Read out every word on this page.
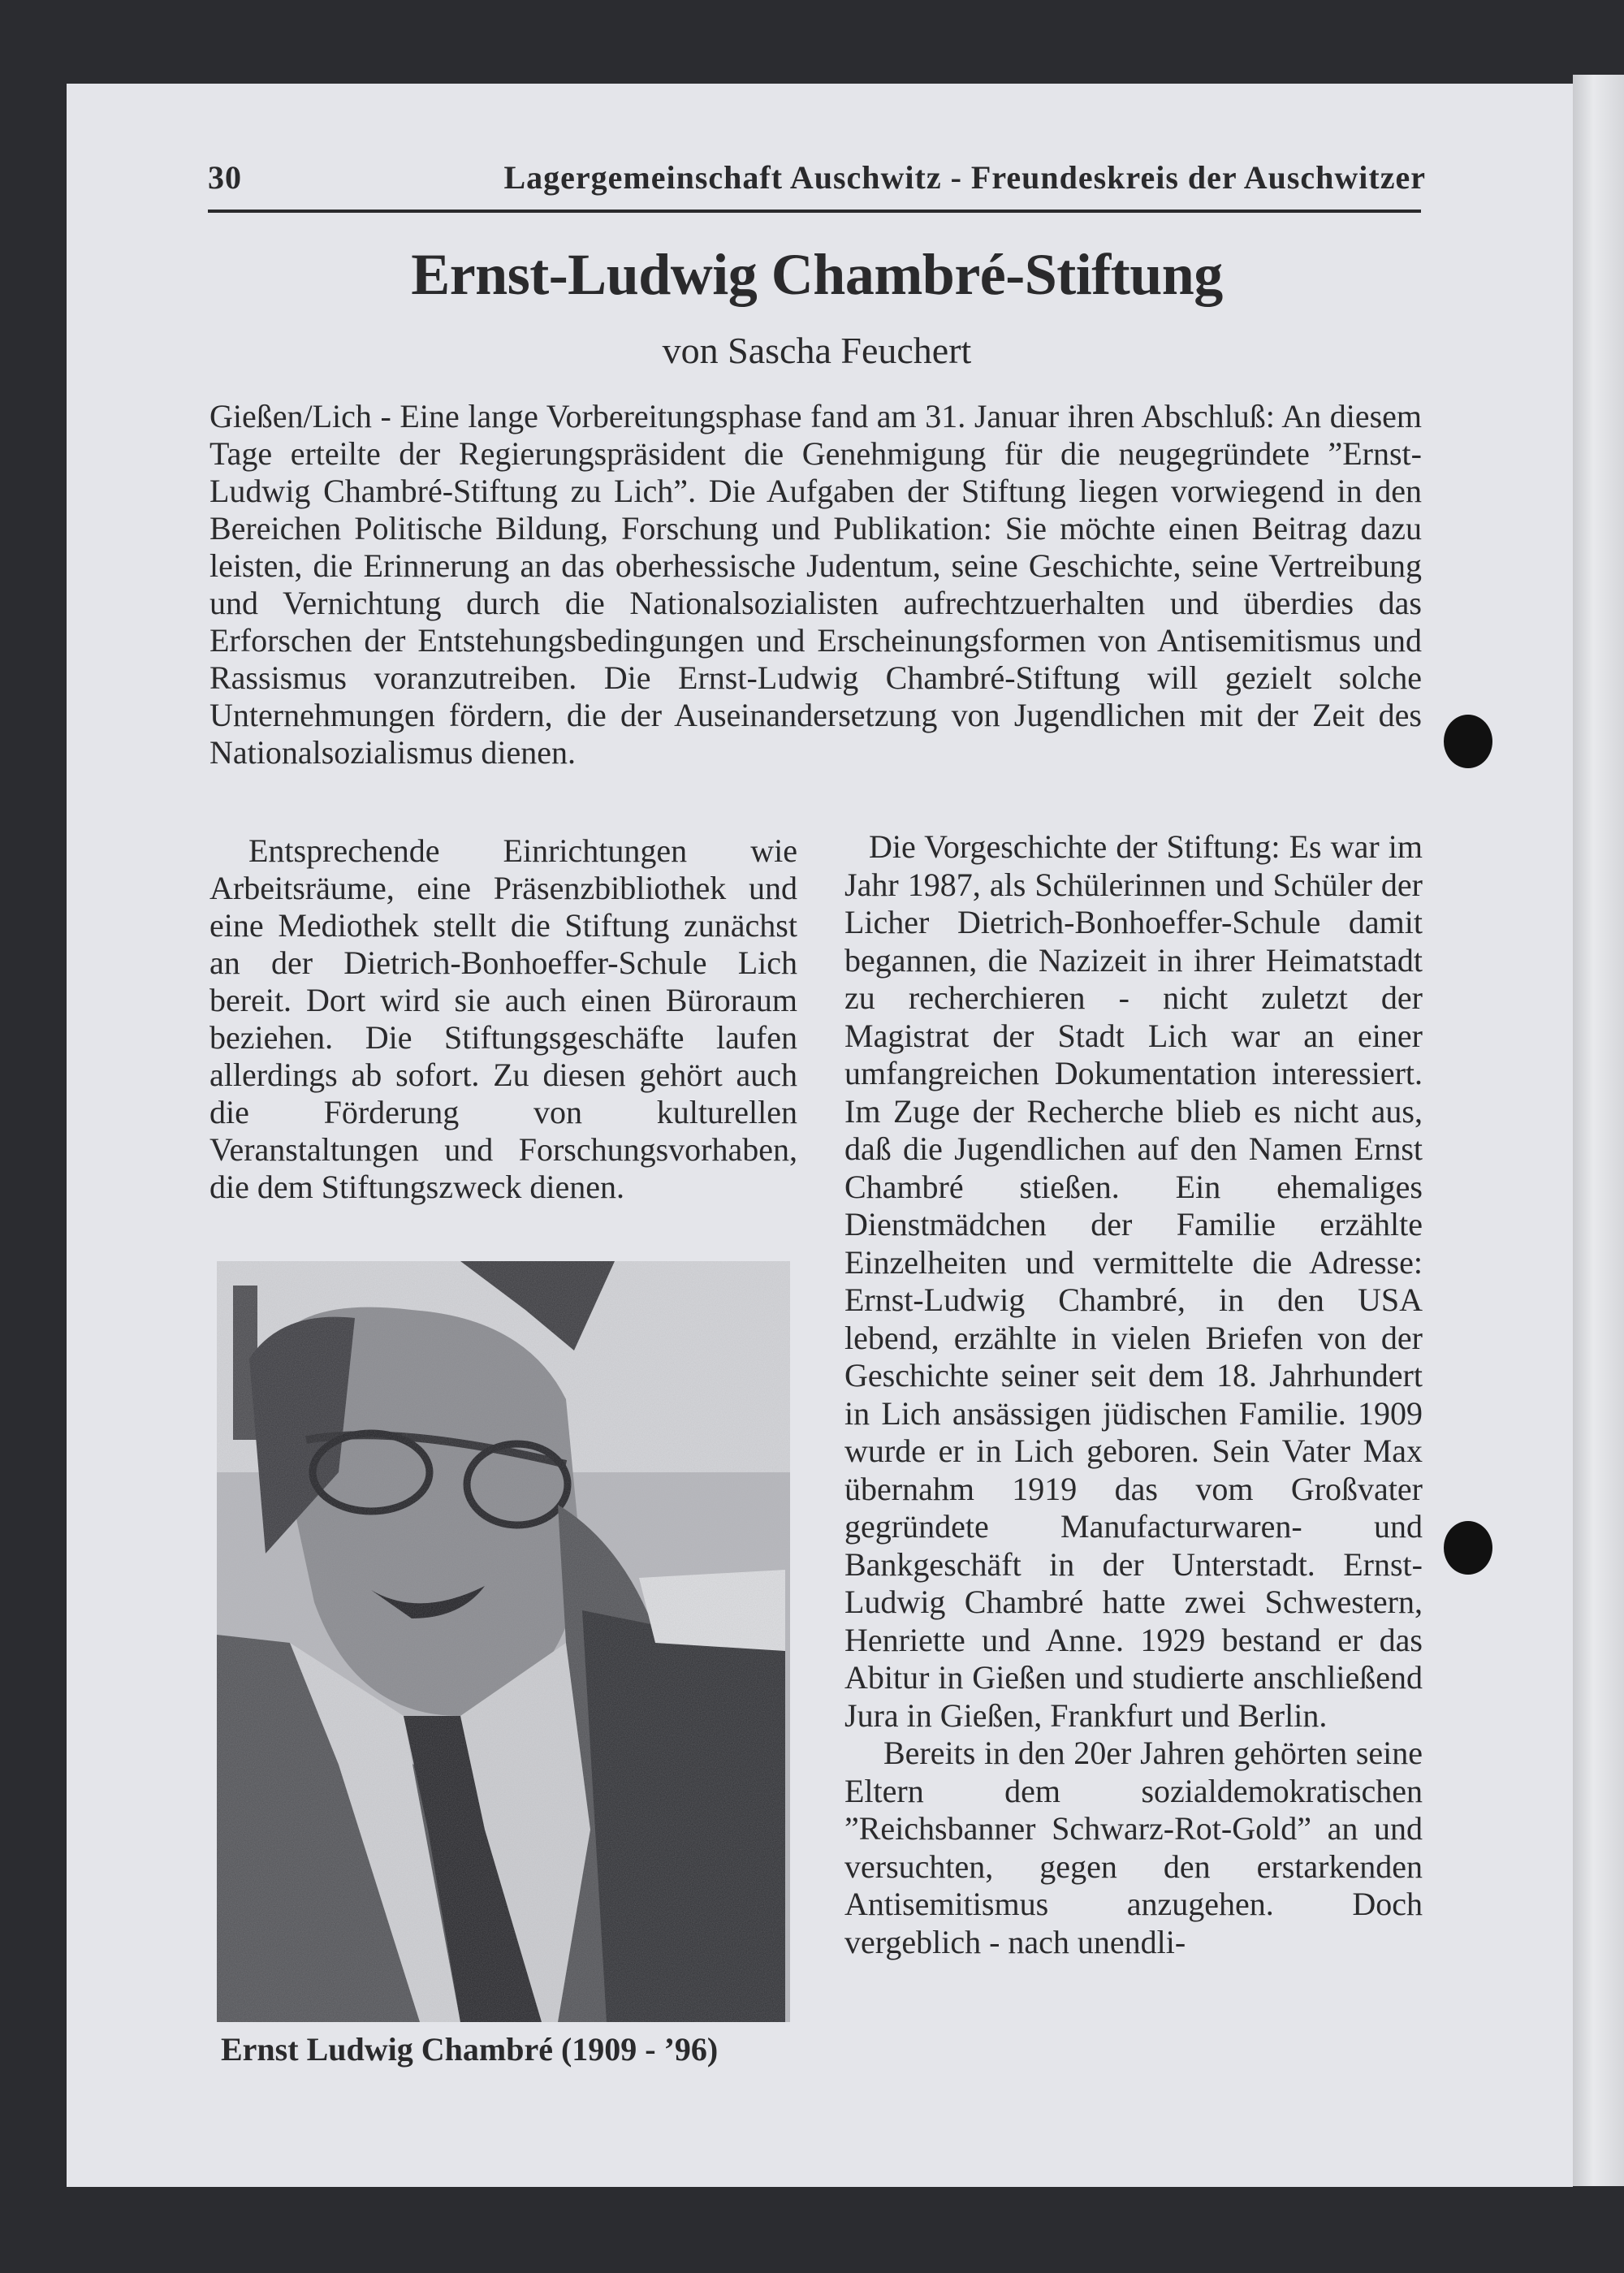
30	Lagergemeinschaft Auschwitz - Freundeskreis der Auschwitzer
Ernst-Ludwig Chambré-Stiftung
von Sascha Feuchert
Gießen/Lich - Eine lange Vorbereitungsphase fand am 31. Januar ihren Abschluß: An diesem Tage erteilte der Regierungspräsident die Genehmigung für die neugegründete ”Ernst-Ludwig Chambré-Stiftung zu Lich”. Die Aufgaben der Stiftung liegen vorwiegend in den Bereichen Politische Bildung, Forschung und Publikation: Sie möchte einen Beitrag dazu leisten, die Erinnerung an das oberhessische Judentum, seine Geschichte, seine Vertreibung und Vernichtung durch die Nationalsozialisten aufrechtzuerhalten und überdies das Erforschen der Entstehungsbedingungen und Erscheinungsformen von Antisemitismus und Rassismus voranzutreiben. Die Ernst-Ludwig Chambré-Stiftung will gezielt solche Unternehmungen fördern, die der Auseinandersetzung von Jugendlichen mit der Zeit des Nationalsozialismus dienen.

Entsprechende Einrichtungen wie Arbeitsräume, eine Präsenzbibliothek und eine Mediothek stellt die Stiftung zunächst an der Dietrich-Bonhoeffer-Schule Lich bereit. Dort wird sie auch einen Büroraum beziehen. Die Stiftungsgeschäfte laufen allerdings ab sofort. Zu diesen gehört auch die Förderung von kulturellen Veranstaltungen und Forschungsvorhaben, die dem Stiftungszweck dienen.

Ernst Ludwig Chambré (1909 - ’96)

Die Vorgeschichte der Stiftung: Es war im Jahr 1987, als Schülerinnen und Schüler der Licher Dietrich-Bonhoeffer-Schule damit begannen, die Nazizeit in ihrer Heimatstadt zu recherchieren - nicht zuletzt der Magistrat der Stadt Lich war an einer umfangreichen Dokumentation interessiert. Im Zuge der Recherche blieb es nicht aus, daß die Jugendlichen auf den Namen Ernst Chambré stießen. Ein ehemaliges Dienstmädchen der Familie erzählte Einzelheiten und vermittelte die Adresse: Ernst-Ludwig Chambré, in den USA lebend, erzählte in vielen Briefen von der Geschichte seiner seit dem 18. Jahrhundert in Lich ansässigen jüdischen Familie. 1909 wurde er in Lich geboren. Sein Vater Max übernahm 1919 das vom Großvater gegründete Manufacturwaren- und Bankgeschäft in der Unterstadt. Ernst-Ludwig Chambré hatte zwei Schwestern, Henriette und Anne. 1929 bestand er das Abitur in Gießen und studierte anschließend Jura in Gießen, Frankfurt und Berlin.

Bereits in den 20er Jahren gehörten seine Eltern dem sozialdemokratischen ”Reichsbanner Schwarz-Rot-Gold” an und versuchten, gegen den erstarkenden Antisemitismus anzugehen. Doch vergeblich - nach unendli-
